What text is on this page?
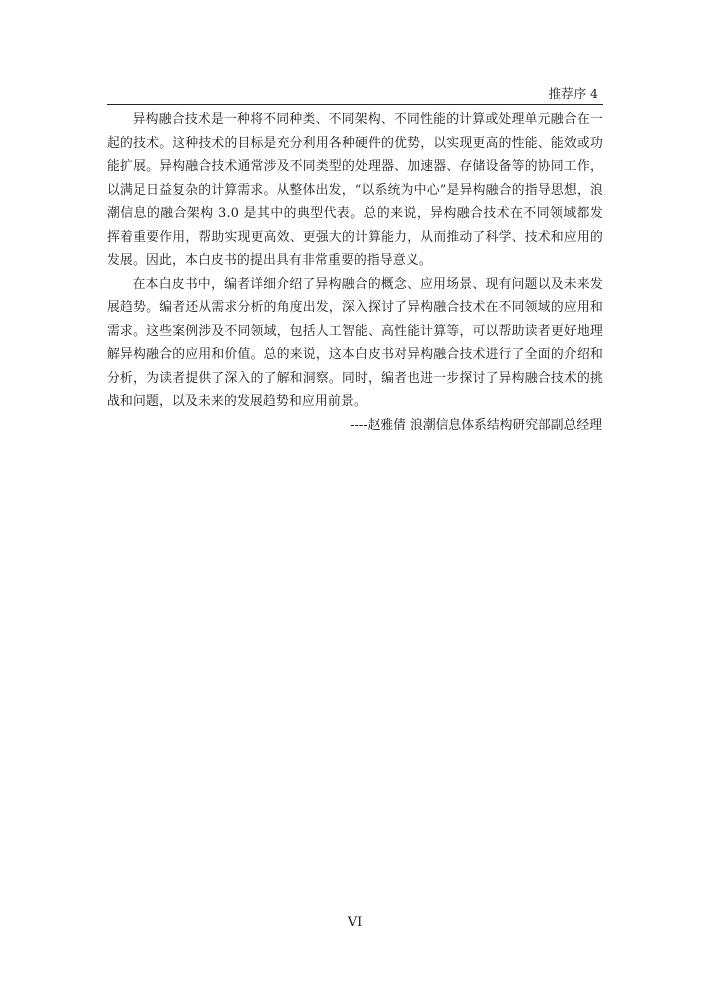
推荐序 4

异构融合技术是一种将不同种类、不同架构、不同性能的计算或处理单元融合在一起的技术。这种技术的目标是充分利用各种硬件的优势，以实现更高的性能、能效或功能扩展。异构融合技术通常涉及不同类型的处理器、加速器、存储设备等的协同工作，以满足日益复杂的计算需求。从整体出发，“以系统为中心”是异构融合的指导思想，浪潮信息的融合架构 3.0 是其中的典型代表。总的来说，异构融合技术在不同领域都发挥着重要作用，帮助实现更高效、更强大的计算能力，从而推动了科学、技术和应用的发展。因此，本白皮书的提出具有非常重要的指导意义。

在本白皮书中，编者详细介绍了异构融合的概念、应用场景、现有问题以及未来发展趋势。编者还从需求分析的角度出发，深入探讨了异构融合技术在不同领域的应用和需求。这些案例涉及不同领域，包括人工智能、高性能计算等，可以帮助读者更好地理解异构融合的应用和价值。总的来说，这本白皮书对异构融合技术进行了全面的介绍和分析，为读者提供了深入的了解和洞察。同时，编者也进一步探讨了异构融合技术的挑战和问题，以及未来的发展趋势和应用前景。

----赵雅倩 浪潮信息体系结构研究部副总经理

VI
